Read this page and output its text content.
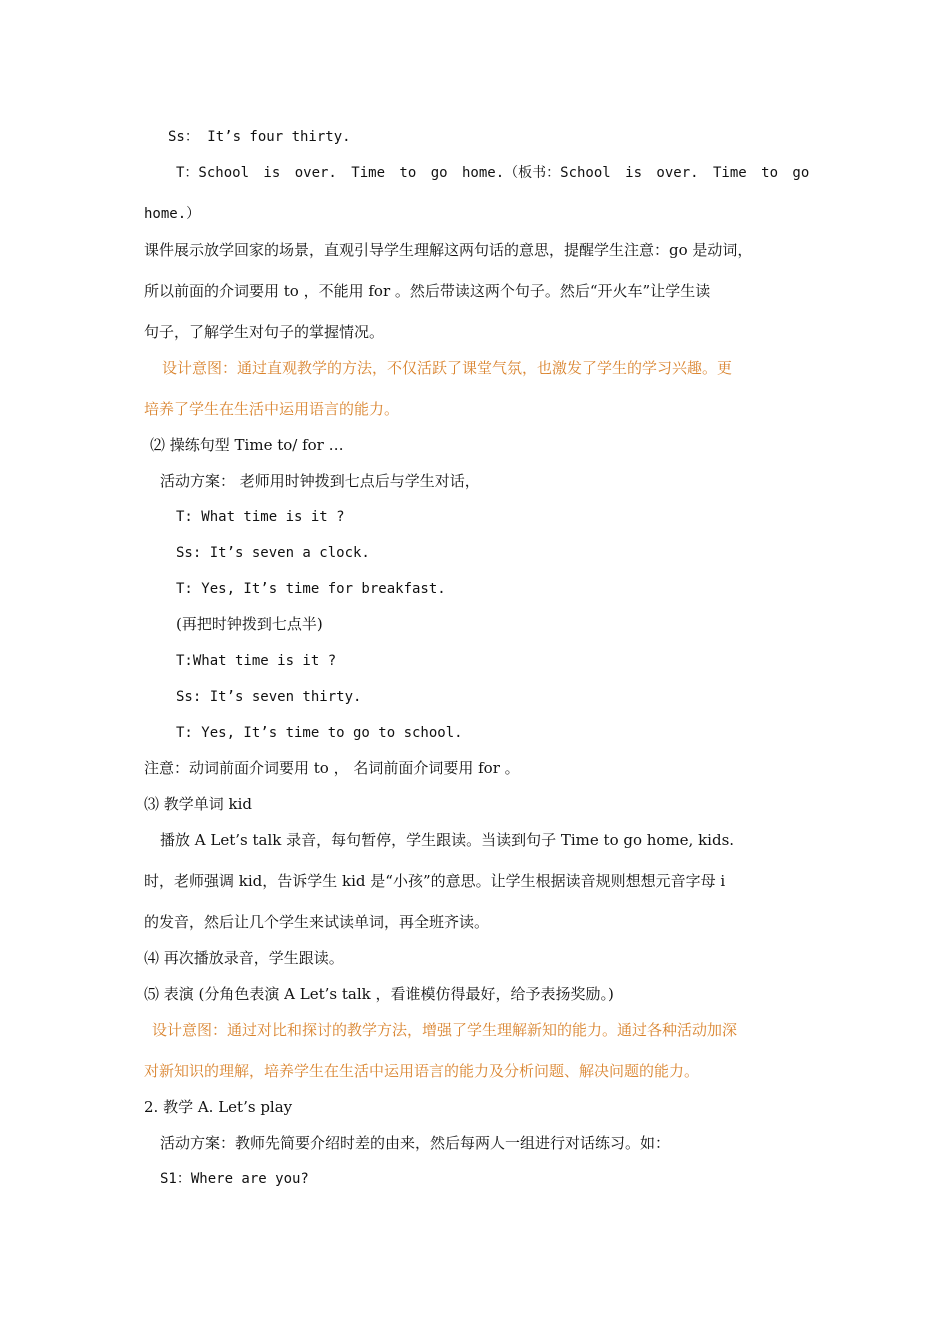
Ss： It’s four thirty.
T：School is over. Time to go home.（板书：School is over. Time to go
home.）
课件展示放学回家的场景，直观引导学生理解这两句话的意思，提醒学生注意：go 是动词，
所以前面的介词要用 to ，不能用 for 。然后带读这两个句子。然后“开火车”让学生读
句子，了解学生对句子的掌握情况。
设计意图：通过直观教学的方法，不仅活跃了课堂气氛，也激发了学生的学习兴趣。更
培养了学生在生活中运用语言的能力。
⑵ 操练句型 Time to/ for …
活动方案： 老师用时钟拨到七点后与学生对话，
T: What time is it ?
Ss: It’s seven a clock.
T: Yes, It’s time for breakfast.
(再把时钟拨到七点半)
T:What time is it ?
Ss: It’s seven thirty.
T: Yes, It’s time to go to school.
注意：动词前面介词要用 to ， 名词前面介词要用 for 。
⑶ 教学单词 kid
播放 A Let’s talk 录音，每句暂停，学生跟读。当读到句子 Time to go home, kids.
时，老师强调 kid，告诉学生 kid 是“小孩”的意思。让学生根据读音规则想想元音字母 i
的发音，然后让几个学生来试读单词，再全班齐读。
⑷ 再次播放录音，学生跟读。
⑸ 表演 (分角色表演 A Let’s talk ，看谁模仿得最好，给予表扬奖励。)
设计意图：通过对比和探讨的教学方法，增强了学生理解新知的能力。通过各种活动加深
对新知识的理解，培养学生在生活中运用语言的能力及分析问题、解决问题的能力。
2. 教学 A. Let’s play
活动方案：教师先简要介绍时差的由来，然后每两人一组进行对话练习。如：
S1：Where are you?
